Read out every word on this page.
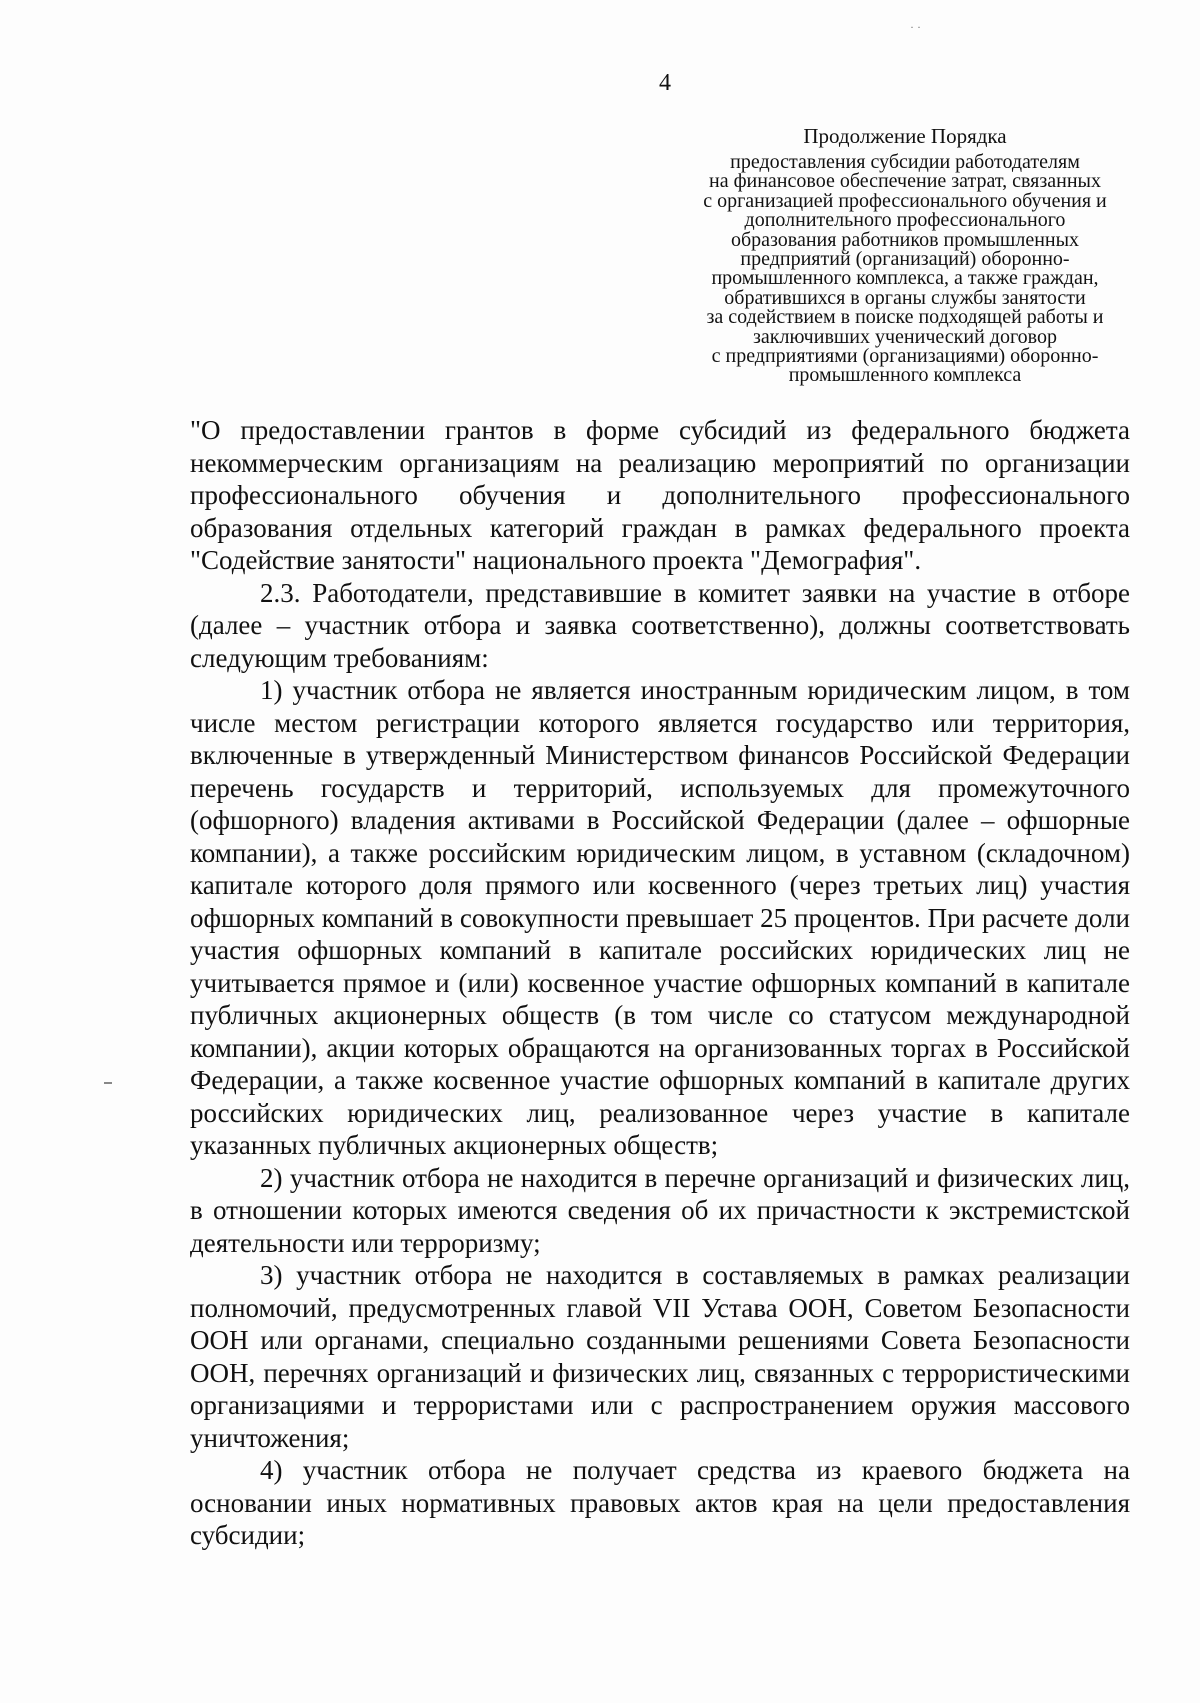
· ·
4
Продолжение Порядка
предоставления субсидии работодателям
на финансовое обеспечение затрат, связанных
с организацией профессионального обучения и
дополнительного профессионального
образования работников промышленных
предприятий (организаций) оборонно-
промышленного комплекса, а также граждан,
обратившихся в органы службы занятости
за содействием в поиске подходящей работы и
заключивших ученический договор
с предприятиями (организациями) оборонно-
промышленного комплекса

"О предоставлении грантов в форме субсидий из федерального бюджета некоммерческим организациям на реализацию мероприятий по организации профессионального обучения и дополнительного профессионального образования отдельных категорий граждан в рамках федерального проекта "Содействие занятости" национального проекта "Демография".

2.3. Работодатели, представившие в комитет заявки на участие в отборе (далее – участник отбора и заявка соответственно), должны соответствовать следующим требованиям:

1) участник отбора не является иностранным юридическим лицом, в том числе местом регистрации которого является государство или территория, включенные в утвержденный Министерством финансов Российской Федерации перечень государств и территорий, используемых для промежуточного (офшорного) владения активами в Российской Федерации (далее – офшорные компании), а также российским юридическим лицом, в уставном (складочном) капитале которого доля прямого или косвенного (через третьих лиц) участия офшорных компаний в совокупности превышает 25 процентов. При расчете доли участия офшорных компаний в капитале российских юридических лиц не учитывается прямое и (или) косвенное участие офшорных компаний в капитале публичных акционерных обществ (в том числе со статусом международной компании), акции которых обращаются на организованных торгах в Российской Федерации, а также косвенное участие офшорных компаний в капитале других российских юридических лиц, реализованное через участие в капитале указанных публичных акционерных обществ;

2) участник отбора не находится в перечне организаций и физических лиц, в отношении которых имеются сведения об их причастности к экстремистской деятельности или терроризму;

3) участник отбора не находится в составляемых в рамках реализации полномочий, предусмотренных главой VII Устава ООН, Советом Безопасности ООН или органами, специально созданными решениями Совета Безопасности ООН, перечнях организаций и физических лиц, связанных с террористическими организациями и террористами или с распространением оружия массового уничтожения;

4) участник отбора не получает средства из краевого бюджета на основании иных нормативных правовых актов края на цели предоставления субсидии;
